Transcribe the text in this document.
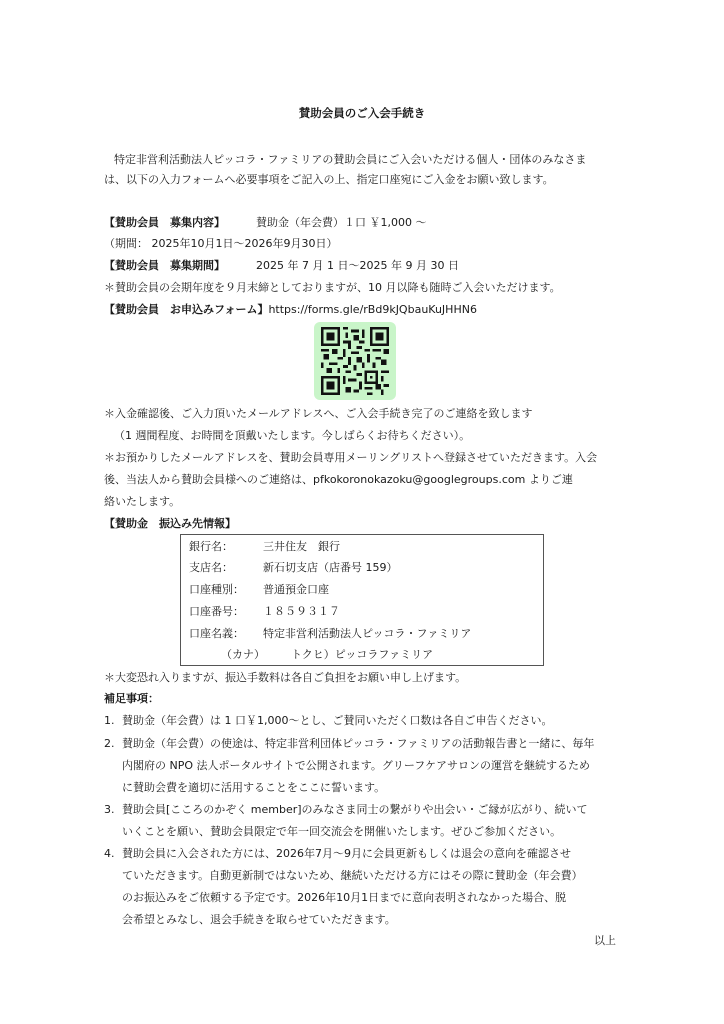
賛助会員のご入会手続き
特定非営利活動法人ピッコラ・ファミリアの賛助会員にご入会いただける個人・団体のみなさま
は、以下の入力フォームへ必要事項をご記入の上、指定口座宛にご入金をお願い致します。
【賛助会員　募集内容】	賛助金（年会費）１口 ￥1,000 ～
（期間： 2025年10月1日～2026年9月30日）
【賛助会員　募集期間】	2025 年 7 月 1 日～2025 年 9 月 30 日
＊賛助会員の会期年度を９月末締としておりますが、10 月以降も随時ご入会いただけます。
【賛助会員　お申込みフォーム】https://forms.gle/rBd9kJQbauKuJHHN6
＊入金確認後、ご入力頂いたメールアドレスへ、ご入会手続き完了のご連絡を致します
（1 週間程度、お時間を頂戴いたします。今しばらくお待ちください）。
＊お預かりしたメールアドレスを、賛助会員専用メーリングリストへ登録させていただきます。入会
後、当法人から賛助会員様へのご連絡は、pfkokoronokazoku@googlegroups.com よりご連
絡いたします。
【賛助金　振込み先情報】
銀行名：	三井住友　銀行
支店名：	新石切支店（店番号 159）
口座種別： 普通預金口座
口座番号： １８５９３１７
口座名義： 特定非営利活動法人ピッコラ・ファミリア
（カナ） トクヒ）ピッコラファミリア
＊大変恐れ入りますが、振込手数料は各自ご負担をお願い申し上げます。
補足事項：
1. 賛助金（年会費）は 1 口￥1,000～とし、ご賛同いただく口数は各自ご申告ください。
2. 賛助金（年会費）の使途は、特定非営利団体ピッコラ・ファミリアの活動報告書と一緒に、毎年
内閣府の NPO 法人ポータルサイトで公開されます。グリーフケアサロンの運営を継続するため
に賛助会費を適切に活用することをここに誓います。
3. 賛助会員[こころのかぞく member]のみなさま同士の繋がりや出会い・ご縁が広がり、続いて
いくことを願い、賛助会員限定で年一回交流会を開催いたします。ぜひご参加ください。
4. 賛助会員に入会された方には、2026年7月～9月に会員更新もしくは退会の意向を確認させ
ていただきます。自動更新制ではないため、継続いただける方にはその際に賛助金（年会費）
のお振込みをご依頼する予定です。2026年10月1日までに意向表明されなかった場合、脱
会希望とみなし、退会手続きを取らせていただきます。
以上
